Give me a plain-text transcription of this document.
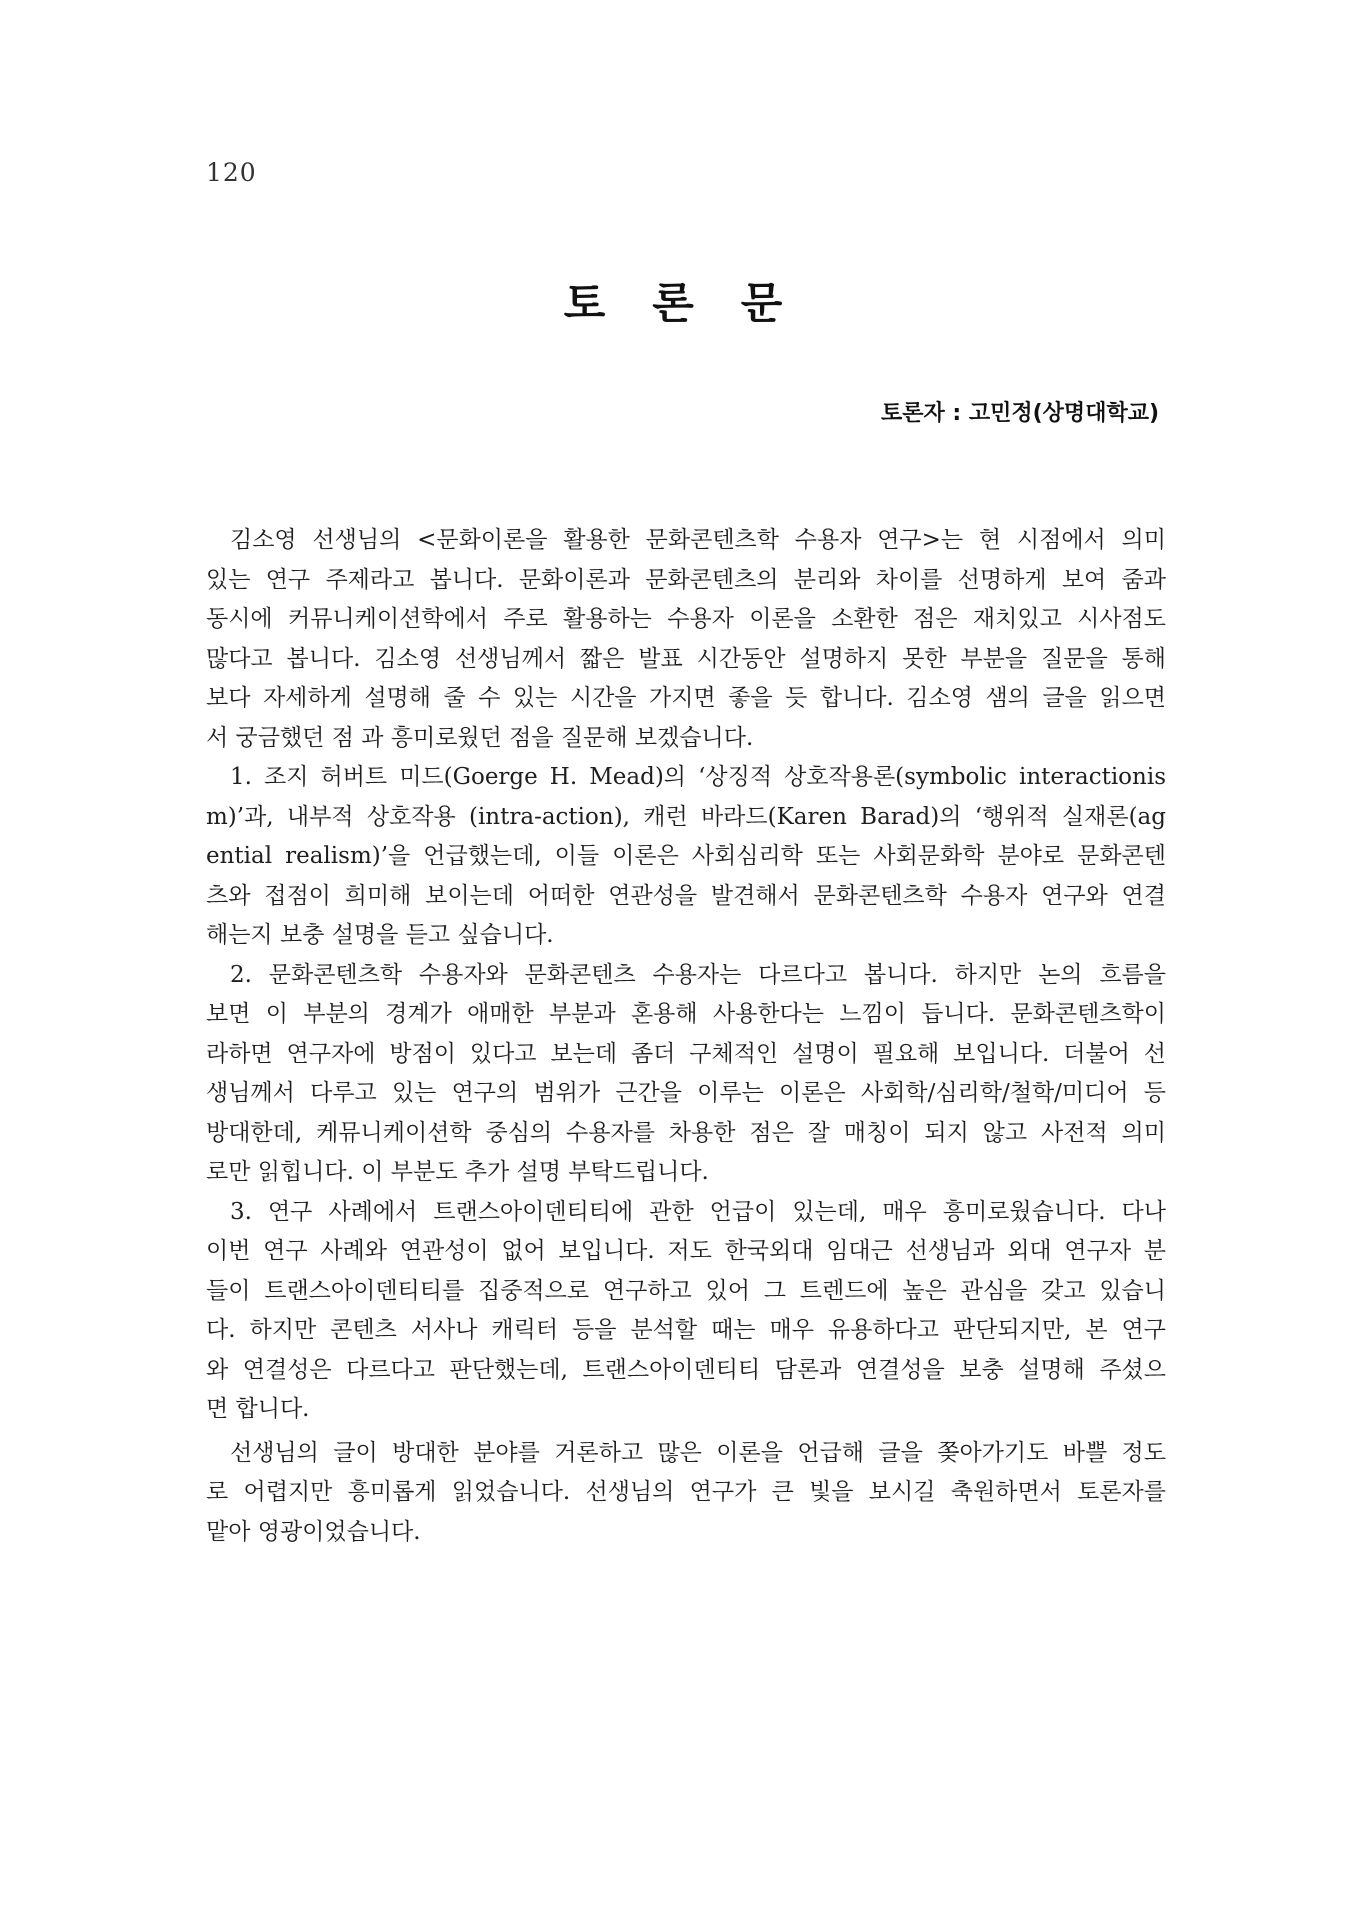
120
토 론 문
토론자 : 고민정(상명대학교)
김소영 선생님의 <문화이론을 활용한 문화콘텐츠학 수용자 연구>는 현 시점에서 의미
있는 연구 주제라고 봅니다. 문화이론과 문화콘텐츠의 분리와 차이를 선명하게 보여 줌과
동시에 커뮤니케이션학에서 주로 활용하는 수용자 이론을 소환한 점은 재치있고 시사점도
많다고 봅니다. 김소영 선생님께서 짧은 발표 시간동안 설명하지 못한 부분을 질문을 통해
보다 자세하게 설명해 줄 수 있는 시간을 가지면 좋을 듯 합니다. 김소영 샘의 글을 읽으면
서 궁금했던 점 과 흥미로웠던 점을 질문해 보겠습니다.
1. 조지 허버트 미드(Goerge H. Mead)의 ‘상징적 상호작용론(symbolic interactionis
m)’과, 내부적 상호작용 (intra-action), 캐런 바라드(Karen Barad)의 ‘행위적 실재론(ag
ential realism)’을 언급했는데, 이들 이론은 사회심리학 또는 사회문화학 분야로 문화콘텐
츠와 접점이 희미해 보이는데 어떠한 연관성을 발견해서 문화콘텐츠학 수용자 연구와 연결
해는지 보충 설명을 듣고 싶습니다.
2. 문화콘텐츠학 수용자와 문화콘텐츠 수용자는 다르다고 봅니다. 하지만 논의 흐름을
보면 이 부분의 경계가 애매한 부분과 혼용해 사용한다는 느낌이 듭니다. 문화콘텐츠학이
라하면 연구자에 방점이 있다고 보는데 좀더 구체적인 설명이 필요해 보입니다. 더불어 선
생님께서 다루고 있는 연구의 범위가 근간을 이루는 이론은 사회학/심리학/철학/미디어 등
방대한데, 케뮤니케이션학 중심의 수용자를 차용한 점은 잘 매칭이 되지 않고 사전적 의미
로만 읽힙니다. 이 부분도 추가 설명 부탁드립니다.
3. 연구 사례에서 트랜스아이덴티티에 관한 언급이 있는데, 매우 흥미로웠습니다. 다나
이번 연구 사례와 연관성이 없어 보입니다. 저도 한국외대 임대근 선생님과 외대 연구자 분
들이 트랜스아이덴티티를 집중적으로 연구하고 있어 그 트렌드에 높은 관심을 갖고 있습니
다. 하지만 콘텐츠 서사나 캐릭터 등을 분석할 때는 매우 유용하다고 판단되지만, 본 연구
와 연결성은 다르다고 판단했는데, 트랜스아이덴티티 담론과 연결성을 보충 설명해 주셨으
면 합니다.
선생님의 글이 방대한 분야를 거론하고 많은 이론을 언급해 글을 쫒아가기도 바쁠 정도
로 어렵지만 흥미롭게 읽었습니다. 선생님의 연구가 큰 빛을 보시길 축원하면서 토론자를
맡아 영광이었습니다.
